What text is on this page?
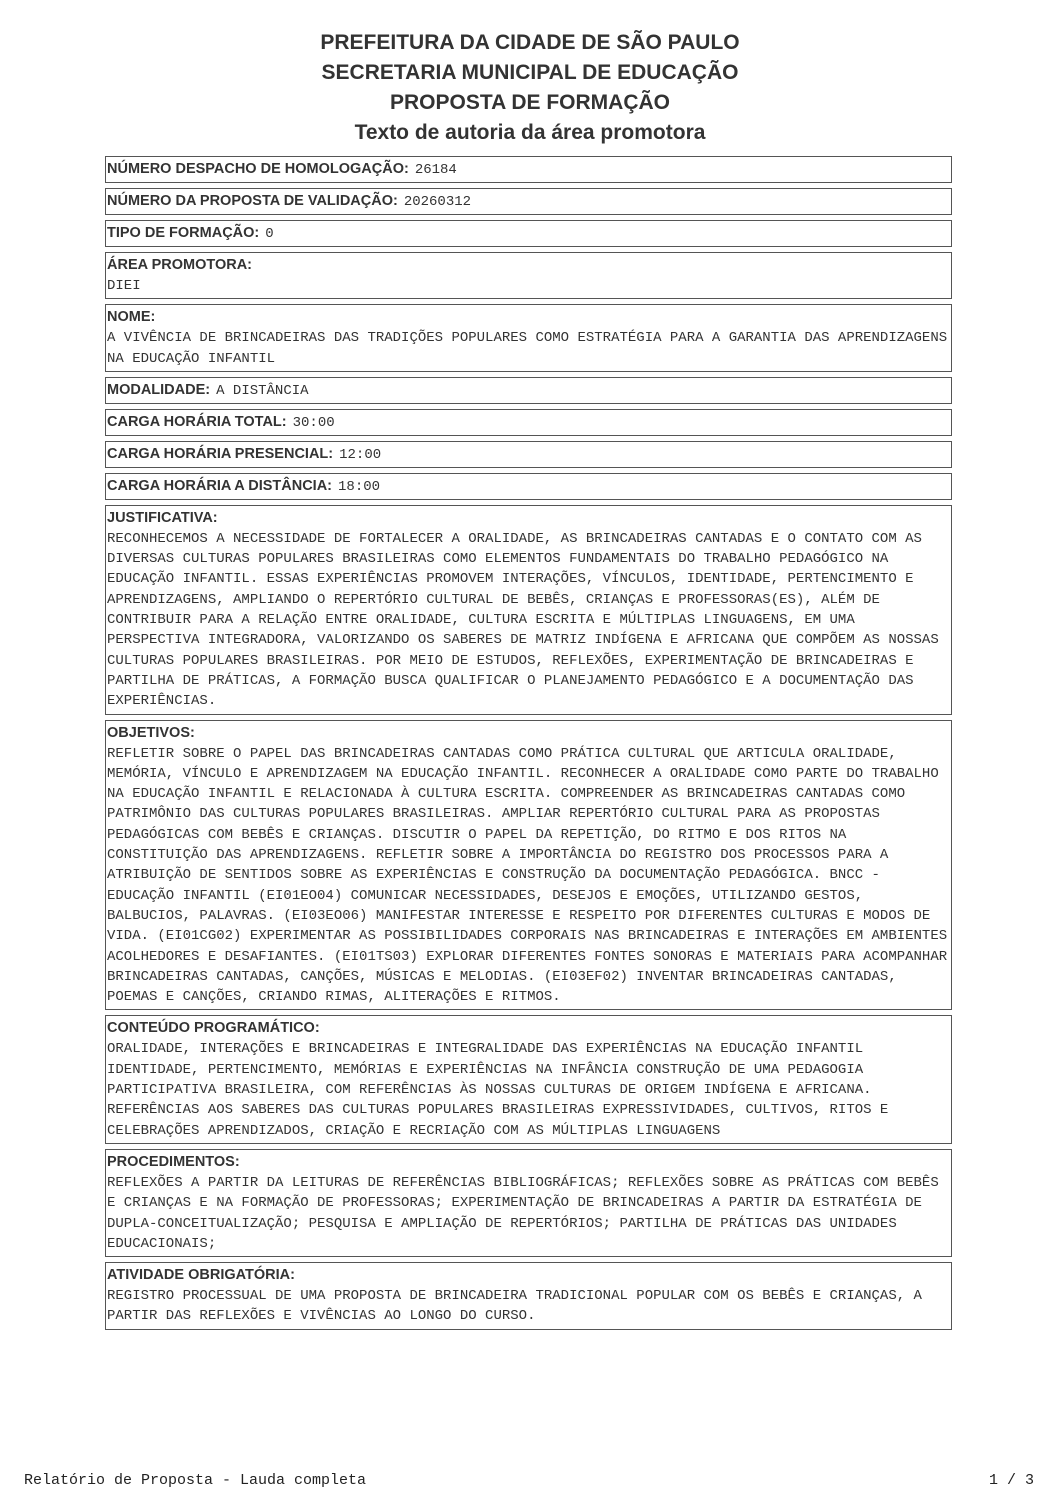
PREFEITURA DA CIDADE DE SÃO PAULO
SECRETARIA MUNICIPAL DE EDUCAÇÃO
PROPOSTA DE FORMAÇÃO
Texto de autoria da área promotora
NÚMERO DESPACHO DE HOMOLOGAÇÃO: 26184
NÚMERO DA PROPOSTA DE VALIDAÇÃO: 20260312
TIPO DE FORMAÇÃO: 0
ÁREA PROMOTORA:
DIEI
NOME:
A VIVÊNCIA DE BRINCADEIRAS DAS TRADIÇÕES POPULARES COMO ESTRATÉGIA PARA A GARANTIA DAS APRENDIZAGENS NA EDUCAÇÃO INFANTIL
MODALIDADE: A DISTÂNCIA
CARGA HORÁRIA TOTAL: 30:00
CARGA HORÁRIA PRESENCIAL: 12:00
CARGA HORÁRIA A DISTÂNCIA: 18:00
JUSTIFICATIVA:
RECONHECEMOS A NECESSIDADE DE FORTALECER A ORALIDADE, AS BRINCADEIRAS CANTADAS E O CONTATO COM AS DIVERSAS CULTURAS POPULARES BRASILEIRAS COMO ELEMENTOS FUNDAMENTAIS DO TRABALHO PEDAGÓGICO NA EDUCAÇÃO INFANTIL. ESSAS EXPERIÊNCIAS PROMOVEM INTERAÇÕES, VÍNCULOS, IDENTIDADE, PERTENCIMENTO E APRENDIZAGENS, AMPLIANDO O REPERTÓRIO CULTURAL DE BEBÊS, CRIANÇAS E PROFESSORAS(ES), ALÉM DE CONTRIBUIR PARA A RELAÇÃO ENTRE ORALIDADE, CULTURA ESCRITA E MÚLTIPLAS LINGUAGENS, EM UMA PERSPECTIVA INTEGRADORA, VALORIZANDO OS SABERES DE MATRIZ INDÍGENA E AFRICANA QUE COMPÕEM AS NOSSAS CULTURAS POPULARES BRASILEIRAS. POR MEIO DE ESTUDOS, REFLEXÕES, EXPERIMENTAÇÃO DE BRINCADEIRAS E PARTILHA DE PRÁTICAS, A FORMAÇÃO BUSCA QUALIFICAR O PLANEJAMENTO PEDAGÓGICO E A DOCUMENTAÇÃO DAS EXPERIÊNCIAS.
OBJETIVOS:
REFLETIR SOBRE O PAPEL DAS BRINCADEIRAS CANTADAS COMO PRÁTICA CULTURAL QUE ARTICULA ORALIDADE, MEMÓRIA, VÍNCULO E APRENDIZAGEM NA EDUCAÇÃO INFANTIL. RECONHECER A ORALIDADE COMO PARTE DO TRABALHO NA EDUCAÇÃO INFANTIL E RELACIONADA À CULTURA ESCRITA. COMPREENDER AS BRINCADEIRAS CANTADAS COMO PATRIMÔNIO DAS CULTURAS POPULARES BRASILEIRAS. AMPLIAR REPERTÓRIO CULTURAL PARA AS PROPOSTAS PEDAGÓGICAS COM BEBÊS E CRIANÇAS. DISCUTIR O PAPEL DA REPETIÇÃO, DO RITMO E DOS RITOS NA CONSTITUIÇÃO DAS APRENDIZAGENS. REFLETIR SOBRE A IMPORTÂNCIA DO REGISTRO DOS PROCESSOS PARA A ATRIBUIÇÃO DE SENTIDOS SOBRE AS EXPERIÊNCIAS E CONSTRUÇÃO DA DOCUMENTAÇÃO PEDAGÓGICA. BNCC - EDUCAÇÃO INFANTIL (EI01EO04) COMUNICAR NECESSIDADES, DESEJOS E EMOÇÕES, UTILIZANDO GESTOS, BALBUCIOS, PALAVRAS. (EI03EO06) MANIFESTAR INTERESSE E RESPEITO POR DIFERENTES CULTURAS E MODOS DE VIDA. (EI01CG02) EXPERIMENTAR AS POSSIBILIDADES CORPORAIS NAS BRINCADEIRAS E INTERAÇÕES EM AMBIENTES ACOLHEDORES E DESAFIANTES. (EI01TS03) EXPLORAR DIFERENTES FONTES SONORAS E MATERIAIS PARA ACOMPANHAR BRINCADEIRAS CANTADAS, CANÇÕES, MÚSICAS E MELODIAS. (EI03EF02) INVENTAR BRINCADEIRAS CANTADAS, POEMAS E CANÇÕES, CRIANDO RIMAS, ALITERAÇÕES E RITMOS.
CONTEÚDO PROGRAMÁTICO:
ORALIDADE, INTERAÇÕES E BRINCADEIRAS E INTEGRALIDADE DAS EXPERIÊNCIAS NA EDUCAÇÃO INFANTIL IDENTIDADE, PERTENCIMENTO, MEMÓRIAS E EXPERIÊNCIAS NA INFÂNCIA CONSTRUÇÃO DE UMA PEDAGOGIA PARTICIPATIVA BRASILEIRA, COM REFERÊNCIAS ÀS NOSSAS CULTURAS DE ORIGEM INDÍGENA E AFRICANA. REFERÊNCIAS AOS SABERES DAS CULTURAS POPULARES BRASILEIRAS EXPRESSIVIDADES, CULTIVOS, RITOS E CELEBRAÇÕES APRENDIZADOS, CRIAÇÃO E RECRIAÇÃO COM AS MÚLTIPLAS LINGUAGENS
PROCEDIMENTOS:
REFLEXÕES A PARTIR DA LEITURAS DE REFERÊNCIAS BIBLIOGRÁFICAS; REFLEXÕES SOBRE AS PRÁTICAS COM BEBÊS E CRIANÇAS E NA FORMAÇÃO DE PROFESSORAS; EXPERIMENTAÇÃO DE BRINCADEIRAS A PARTIR DA ESTRATÉGIA DE DUPLA-CONCEITUALIZAÇÃO; PESQUISA E AMPLIAÇÃO DE REPERTÓRIOS; PARTILHA DE PRÁTICAS DAS UNIDADES EDUCACIONAIS;
ATIVIDADE OBRIGATÓRIA:
REGISTRO PROCESSUAL DE UMA PROPOSTA DE BRINCADEIRA TRADICIONAL POPULAR COM OS BEBÊS E CRIANÇAS, A PARTIR DAS REFLEXÕES E VIVÊNCIAS AO LONGO DO CURSO.
Relatório de Proposta - Lauda completa	1 / 3
